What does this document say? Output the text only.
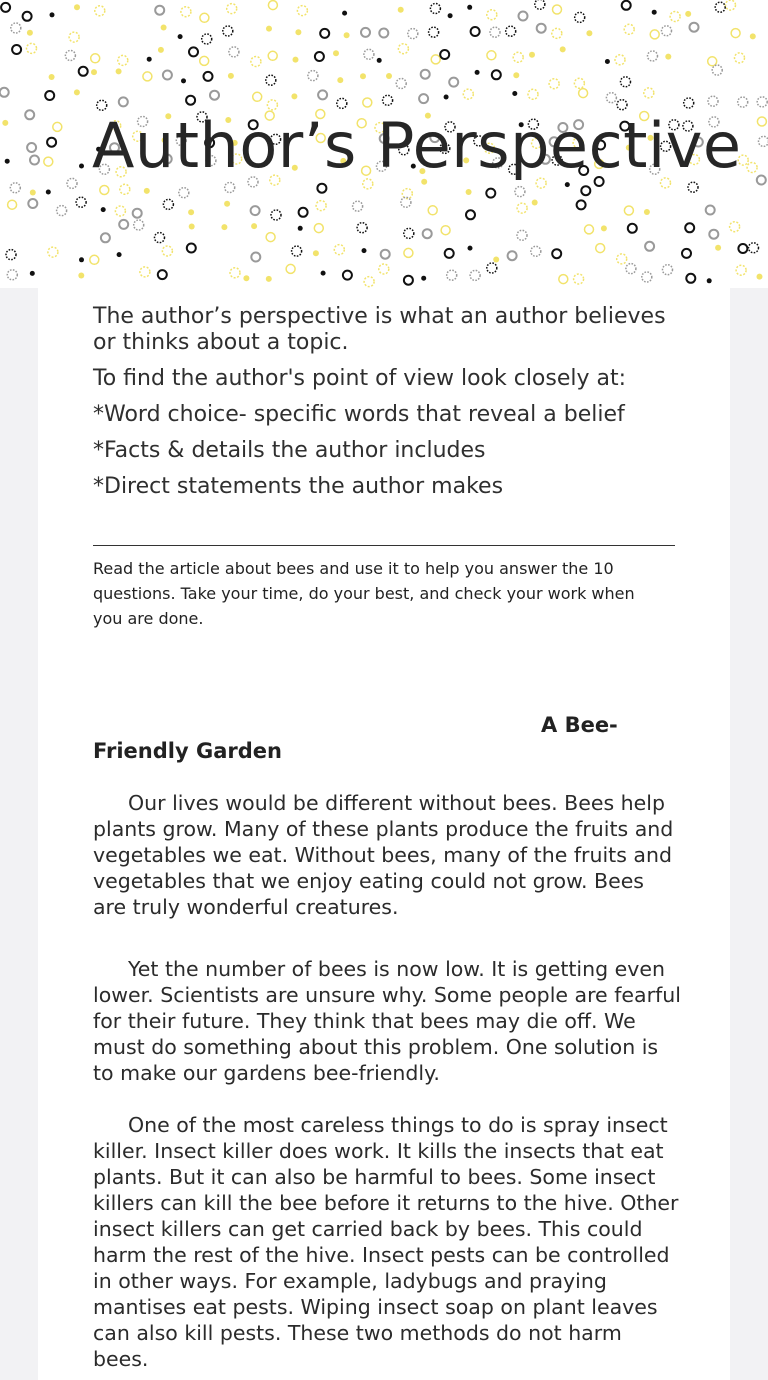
Author’s Perspective

The author’s perspective is what an author believes or thinks about a topic.

To find the author's point of view look closely at:

*Word choice- specific words that reveal a belief

*Facts & details the author includes

*Direct statements the author makes

Read the article about bees and use it to help you answer the 10 questions. Take your time, do your best, and check your work when you are done.

A Bee-Friendly Garden

Our lives would be different without bees. Bees help plants grow. Many of these plants produce the fruits and vegetables we eat. Without bees, many of the fruits and vegetables that we enjoy eating could not grow. Bees are truly wonderful creatures.

Yet the number of bees is now low. It is getting even lower. Scientists are unsure why. Some people are fearful for their future. They think that bees may die off. We must do something about this problem. One solution is to make our gardens bee-friendly.

One of the most careless things to do is spray insect killer. Insect killer does work. It kills the insects that eat plants. But it can also be harmful to bees. Some insect killers can kill the bee before it returns to the hive. Other insect killers can get carried back by bees. This could harm the rest of the hive. Insect pests can be controlled in other ways. For example, ladybugs and praying mantises eat pests. Wiping insect soap on plant leaves can also kill pests. These two methods do not harm bees.
